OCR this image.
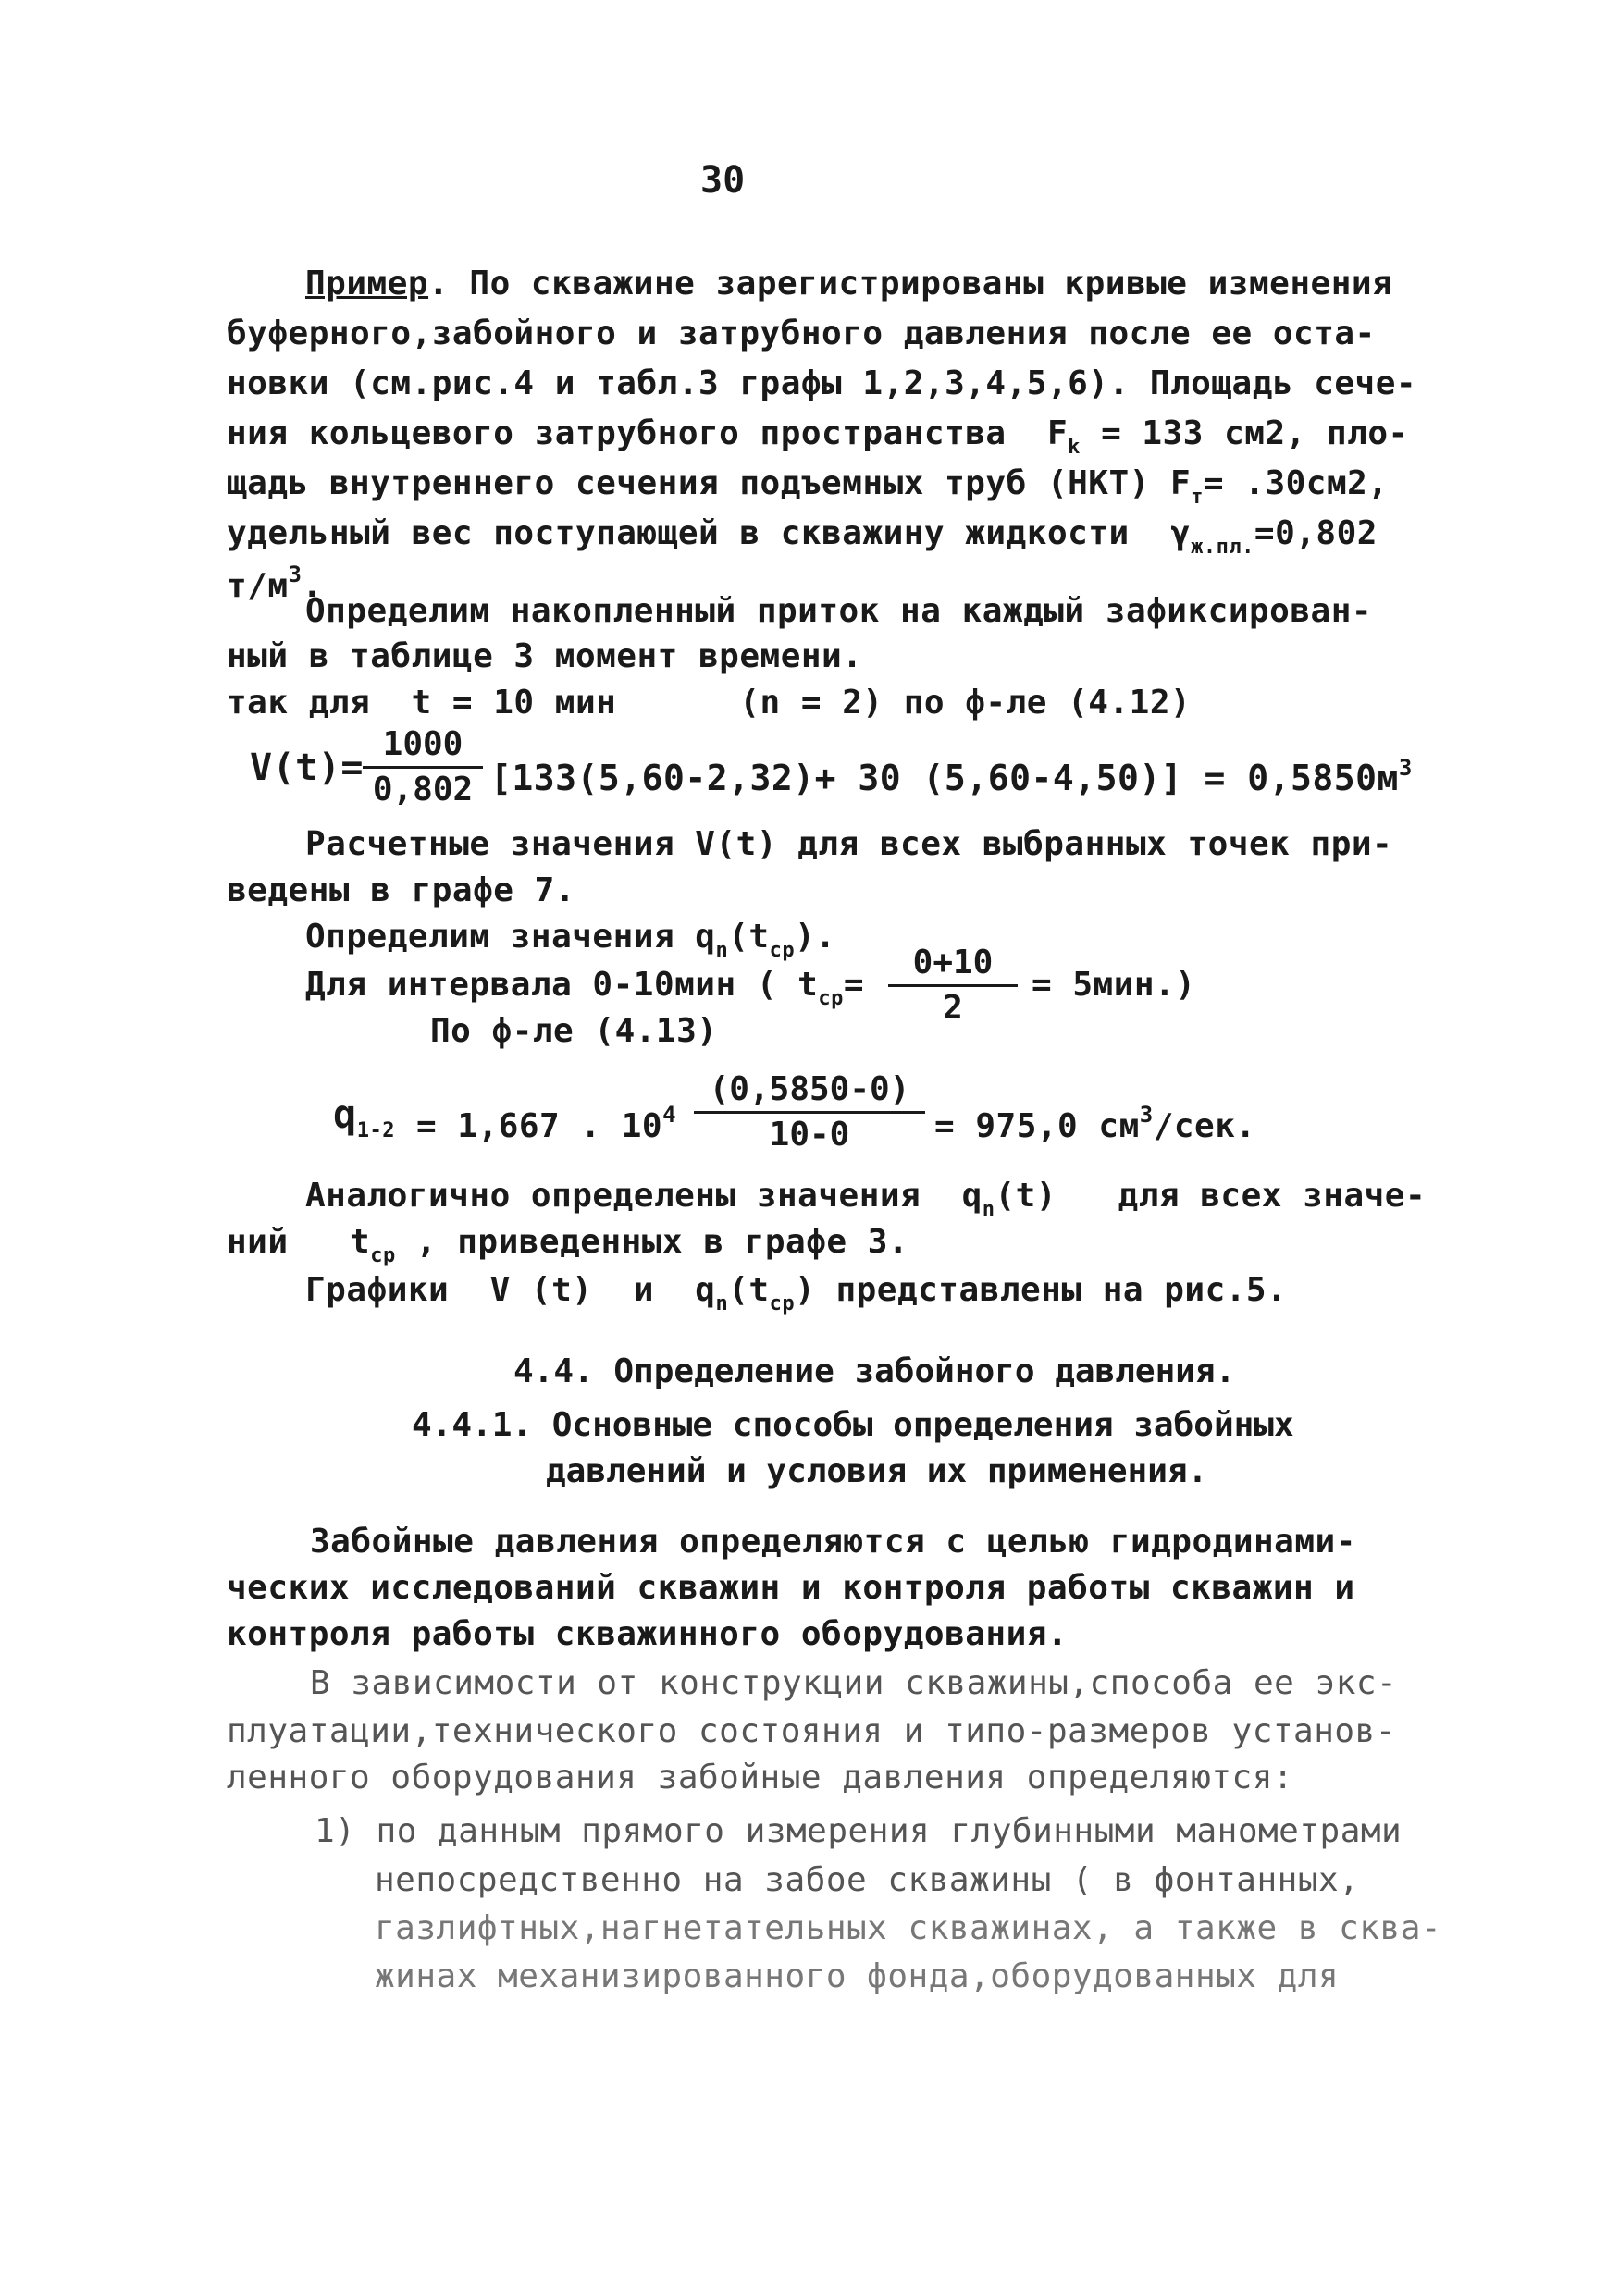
30
Пример. По скважине зарегистрированы кривые изменения
буферного,забойного и затрубного давления после ее оста-
новки (см.рис.4 и табл.3 графы 1,2,3,4,5,6). Площадь сече-
ния кольцевого затрубного пространства  $F_k = 133$ см2, пло-
щадь внутреннего сечения подъемных труб (НКТ) $F_т= .30см2$,
удельный вес поступающей в скважину жидкости  $\gamma_{ж.пл.}=0,802$
$т/м^3$.
Определим накопленный приток на каждый зафиксирован-
ный в таблице 3 момент времени.
так для  t = 10 мин      (n = 2) по ф-ле (4.12)
$V(t)= \frac{1000}{0,802} [133(5,60-2,32)+ 30$ $(5,60-4,50)] = 0,5850м^3$
Расчетные значения V(t) для всех выбранных точек при-
ведены в графе 7.
Определим значения $q_n(t_{ср})$.
Для интервала 0-10мин ( $t_{ср}= \frac{0+10}{2} = 5мин$.)
По ф-ле (4.13)
$q_{1-2} = 1,667$ . $10^4 \frac{(0,5850-0)}{10-0} = 975,0$ $см^3$/сек.
Аналогично определены значения  $q_n(t)$   для всех значе-
ний   $t_{ср}$ , приведенных в графе 3.
Графики  V (t)  и  $q_n(t_{ср})$ представлены на рис.5.
4.4. Определение забойного давления.
4.4.1. Основные способы определения забойных
давлений и условия их применения.
Забойные давления определяются с целью гидродинами-
ческих исследований скважин и контроля работы скважин и
контроля работы скважинного оборудования.
В зависимости от конструкции скважины,способа ее экс-
плуатации,технического состояния и типо-размеров установ-
ленного оборудования забойные давления определяются:
1) по данным прямого измерения глубинными манометрами
непосредственно на забое скважины ( в фонтанных,
газлифтных,нагнетательных скважинах, а также в сква-
жинах механизированного фонда,оборудованных для
